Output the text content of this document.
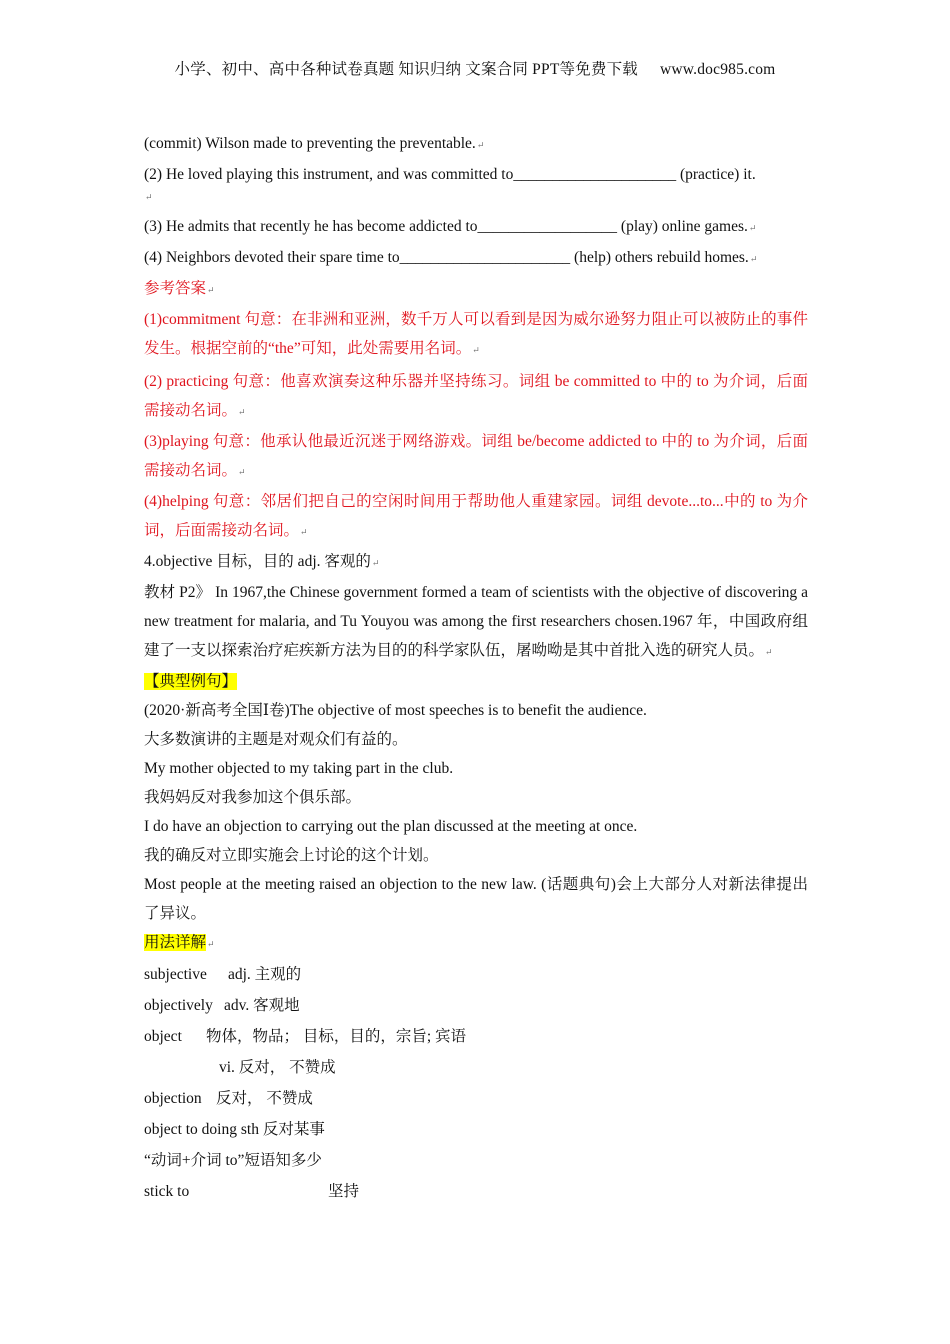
小学、初中、高中各种试卷真题 知识归纳 文案合同 PPT等免费下载 www.doc985.com
(commit) Wilson made to preventing the preventable.↵
(2) He loved playing this instrument, and was committed to_____________________ (practice) it.
↵
(3) He admits that recently he has become addicted to__________________ (play) online games.↵
(4) Neighbors devoted their spare time to______________________ (help) others rebuild homes.↵
参考答案↵
(1)commitment 句意：在非洲和亚洲，数千万人可以看到是因为威尔逊努力阻止可以被防止的事件发生。根据空前的“the”可知，此处需要用名词。↵
(2) practicing 句意：他喜欢演奏这种乐器并坚持练习。词组 be committed to 中的 to 为介词，后面需接动名词。↵
(3)playing 句意：他承认他最近沉迷于网络游戏。词组 be/become addicted to 中的 to 为介词，后面需接动名词。↵
(4)helping 句意：邻居们把自己的空闲时间用于帮助他人重建家园。词组 devote...to...中的 to 为介词，后面需接动名词。↵
4.objective 目标，目的 adj. 客观的↵
教材 P2》 In 1967,the Chinese government formed a team of scientists with the objective of discovering a new treatment for malaria, and Tu Youyou was among the first researchers chosen.1967 年，中国政府组建了一支以探索治疗疟疾新方法为目的的科学家队伍，屠呦呦是其中首批入选的研究人员。↵
【典型例句】
(2020·新高考全国Ⅰ卷)The objective of most speeches is to benefit the audience.
大多数演讲的主题是对观众们有益的。
My mother objected to my taking part in the club.
我妈妈反对我参加这个俱乐部。
I do have an objection to carrying out the plan discussed at the meeting at once.
我的确反对立即实施会上讨论的这个计划。
Most people at the meeting raised an objection to the new law. (话题典句)会上大部分人对新法律提出了异议。
用法详解↵
subjective adj. 主观的
objectively adv. 客观地
object 物体，物品； 目标，目的，宗旨; 宾语
vi. 反对， 不赞成
objection 反对， 不赞成
object to doing sth 反对某事
“动词+介词 to”短语知多少
stick to	坚持
